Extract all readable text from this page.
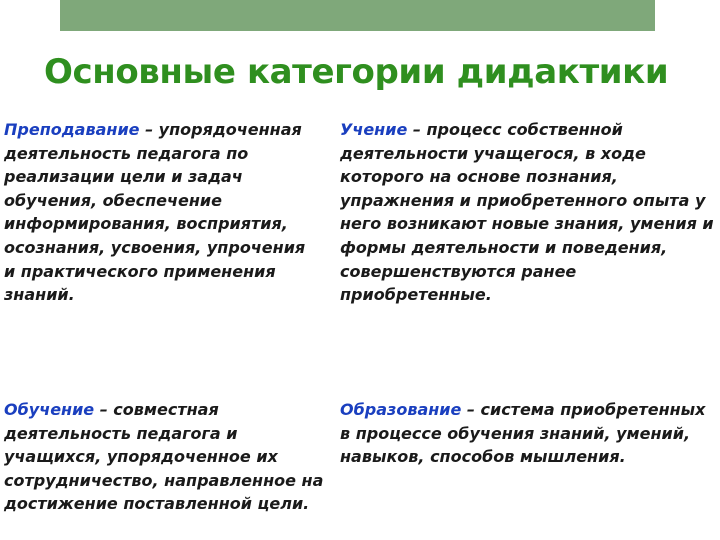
Основные категории дидактики

Преподавание – упорядоченная деятельность педагога по реализации цели и задач обучения, обеспечение информирования, восприятия, осознания, усвоения, упрочения и практического применения знаний.

Учение – процесс собственной деятельности учащегося, в ходе которого на основе познания, упражнения и приобретенного опыта у него возникают новые знания, умения и формы деятельности и поведения, совершенствуются ранее приобретенные.

Обучение – совместная деятельность педагога и учащихся, упорядоченное их сотрудничество, направленное на достижение поставленной цели.

Образование – система приобретенных в процессе обучения знаний, умений, навыков, способов мышления.
